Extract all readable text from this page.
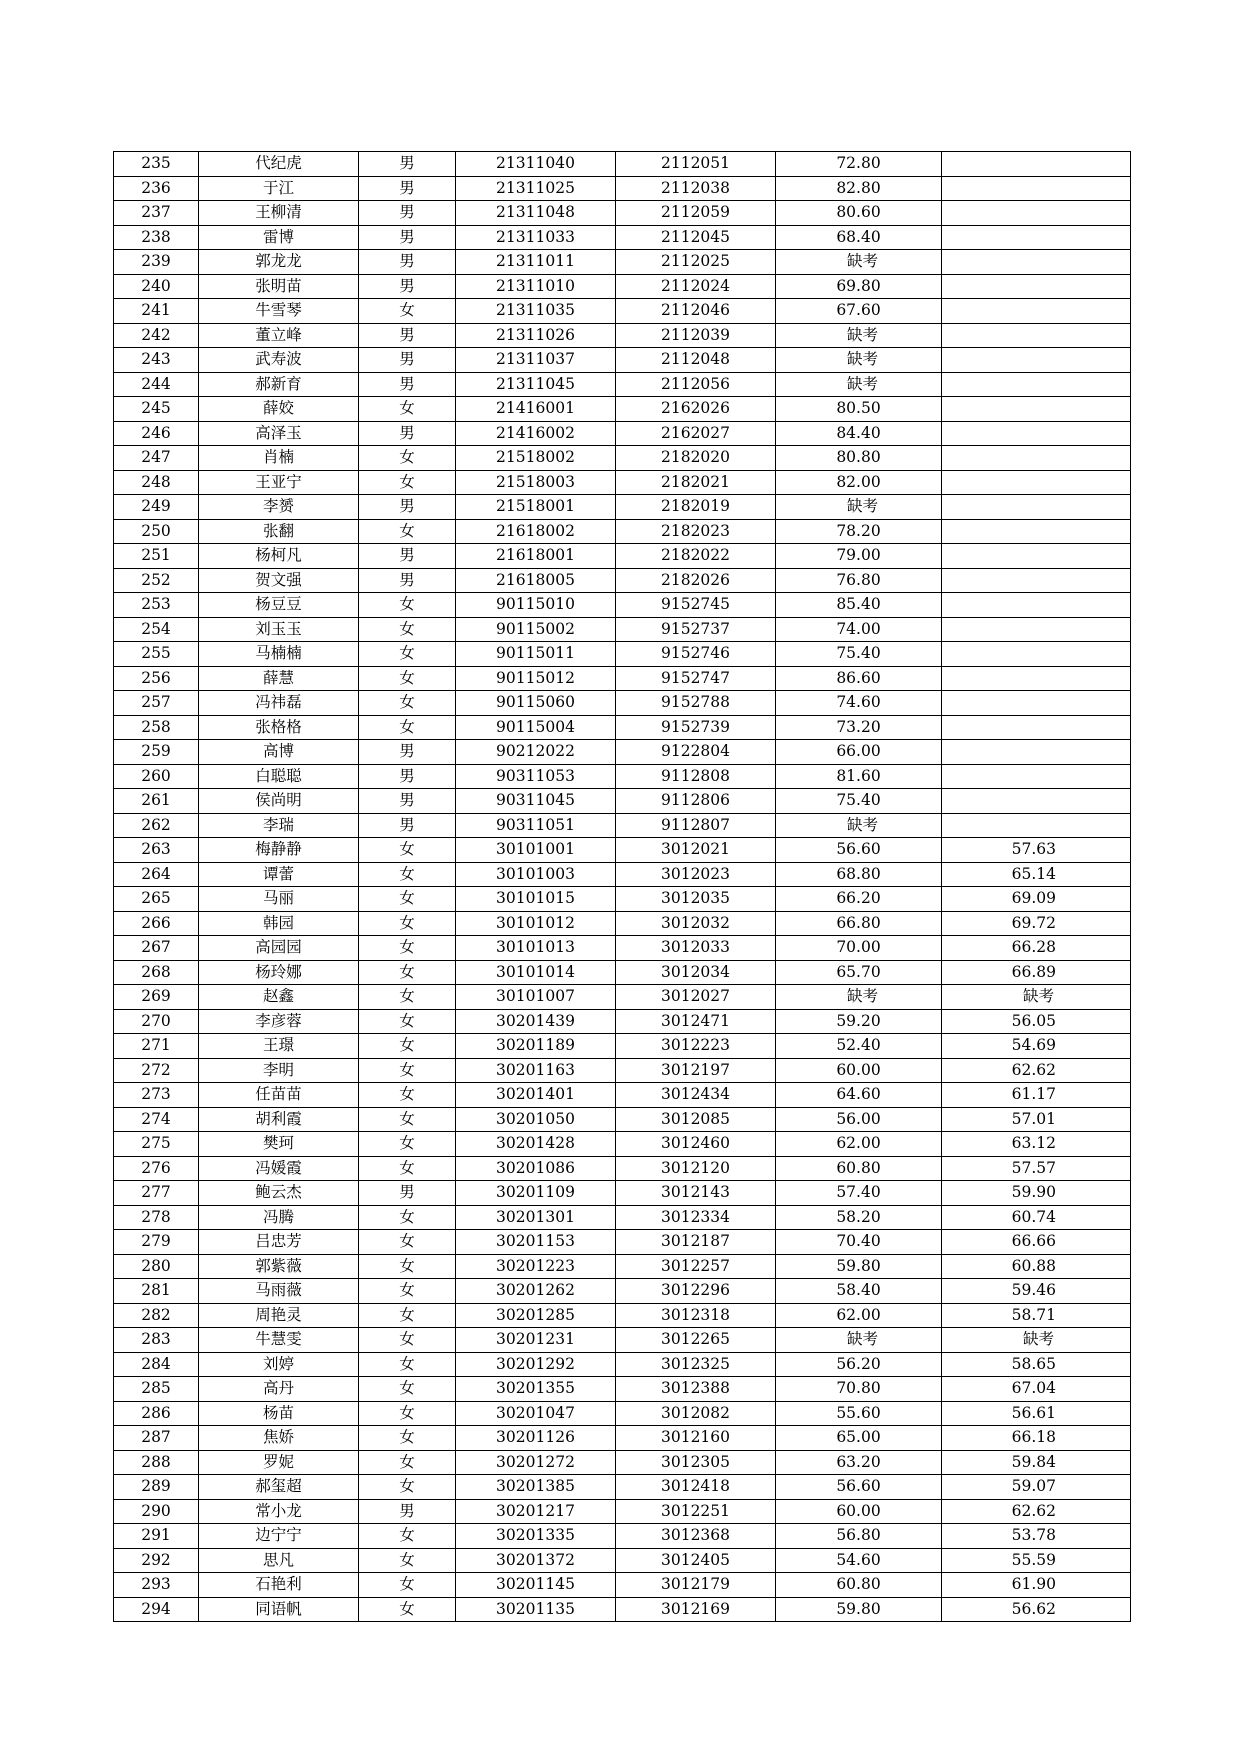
235	代纪虎	男	21311040	2112051	72.80	
236	于江	男	21311025	2112038	82.80	
237	王柳清	男	21311048	2112059	80.60	
238	雷博	男	21311033	2112045	68.40	
239	郭龙龙	男	21311011	2112025	缺考	
240	张明苗	男	21311010	2112024	69.80	
241	牛雪琴	女	21311035	2112046	67.60	
242	董立峰	男	21311026	2112039	缺考	
243	武寿波	男	21311037	2112048	缺考	
244	郝新育	男	21311045	2112056	缺考	
245	薛姣	女	21416001	2162026	80.50	
246	高泽玉	男	21416002	2162027	84.40	
247	肖楠	女	21518002	2182020	80.80	
248	王亚宁	女	21518003	2182021	82.00	
249	李赟	男	21518001	2182019	缺考	
250	张翻	女	21618002	2182023	78.20	
251	杨柯凡	男	21618001	2182022	79.00	
252	贺文强	男	21618005	2182026	76.80	
253	杨豆豆	女	90115010	9152745	85.40	
254	刘玉玉	女	90115002	9152737	74.00	
255	马楠楠	女	90115011	9152746	75.40	
256	薛慧	女	90115012	9152747	86.60	
257	冯祎磊	女	90115060	9152788	74.60	
258	张格格	女	90115004	9152739	73.20	
259	高博	男	90212022	9122804	66.00	
260	白聪聪	男	90311053	9112808	81.60	
261	侯尚明	男	90311045	9112806	75.40	
262	李瑞	男	90311051	9112807	缺考	
263	梅静静	女	30101001	3012021	56.60	57.63
264	谭蕾	女	30101003	3012023	68.80	65.14
265	马丽	女	30101015	3012035	66.20	69.09
266	韩园	女	30101012	3012032	66.80	69.72
267	高园园	女	30101013	3012033	70.00	66.28
268	杨玲娜	女	30101014	3012034	65.70	66.89
269	赵鑫	女	30101007	3012027	缺考	缺考
270	李彦蓉	女	30201439	3012471	59.20	56.05
271	王璟	女	30201189	3012223	52.40	54.69
272	李明	女	30201163	3012197	60.00	62.62
273	任苗苗	女	30201401	3012434	64.60	61.17
274	胡利霞	女	30201050	3012085	56.00	57.01
275	樊珂	女	30201428	3012460	62.00	63.12
276	冯媛霞	女	30201086	3012120	60.80	57.57
277	鲍云杰	男	30201109	3012143	57.40	59.90
278	冯腾	女	30201301	3012334	58.20	60.74
279	吕忠芳	女	30201153	3012187	70.40	66.66
280	郭紫薇	女	30201223	3012257	59.80	60.88
281	马雨薇	女	30201262	3012296	58.40	59.46
282	周艳灵	女	30201285	3012318	62.00	58.71
283	牛慧雯	女	30201231	3012265	缺考	缺考
284	刘婷	女	30201292	3012325	56.20	58.65
285	高丹	女	30201355	3012388	70.80	67.04
286	杨苗	女	30201047	3012082	55.60	56.61
287	焦娇	女	30201126	3012160	65.00	66.18
288	罗妮	女	30201272	3012305	63.20	59.84
289	郝玺超	女	30201385	3012418	56.60	59.07
290	常小龙	男	30201217	3012251	60.00	62.62
291	边宁宁	女	30201335	3012368	56.80	53.78
292	思凡	女	30201372	3012405	54.60	55.59
293	石艳利	女	30201145	3012179	60.80	61.90
294	同语帆	女	30201135	3012169	59.80	56.62
